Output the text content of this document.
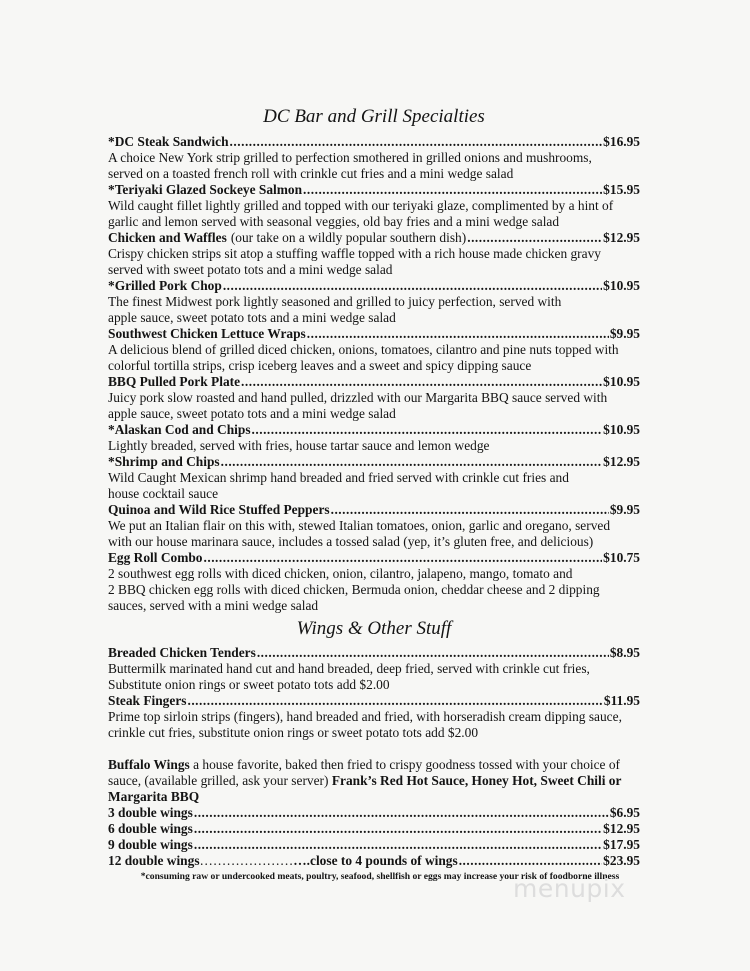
DC Bar and Grill Specialties
*DC Steak Sandwich .....	$16.95

A choice New York strip grilled to perfection smothered in grilled onions and mushrooms,

served on a toasted french roll with crinkle cut fries and a mini wedge salad

*Teriyaki Glazed Sockeye Salmon .....	$15.95

Wild caught fillet lightly grilled and topped with our teriyaki glaze, complimented by a hint of

garlic and lemon served with seasonal veggies, old bay fries and a mini wedge salad

Chicken and Waffles (our take on a wildly popular southern dish) .....	$12.95

Crispy chicken strips sit atop a stuffing waffle topped with a rich house made chicken gravy

served with sweet potato tots and a mini wedge salad

*Grilled Pork Chop .....	$10.95

The finest Midwest pork lightly seasoned and grilled to juicy perfection, served with

apple sauce, sweet potato tots and a mini wedge salad

Southwest Chicken Lettuce Wraps .....	$9.95

A delicious blend of grilled diced chicken, onions, tomatoes, cilantro and pine nuts topped with

colorful tortilla strips, crisp iceberg leaves and a sweet and spicy dipping sauce

BBQ Pulled Pork Plate .....	$10.95

Juicy pork slow roasted and hand pulled, drizzled with our Margarita BBQ sauce served with

apple sauce, sweet potato tots and a mini wedge salad

*Alaskan Cod and Chips .....	$10.95

Lightly breaded, served with fries, house tartar sauce and lemon wedge

*Shrimp and Chips .....	$12.95

Wild Caught Mexican shrimp hand breaded and fried served with crinkle cut fries and

house cocktail sauce

Quinoa and Wild Rice Stuffed Peppers .....	$9.95

We put an Italian flair on this with, stewed Italian tomatoes, onion, garlic and oregano, served

with our house marinara sauce, includes a tossed salad (yep, it’s gluten free, and delicious)

Egg Roll Combo .....	$10.75

2 southwest egg rolls with diced chicken, onion, cilantro, jalapeno, mango, tomato and

2 BBQ chicken egg rolls with diced chicken, Bermuda onion, cheddar cheese and 2 dipping

sauces, served with a mini wedge salad

Wings & Other Stuff
Breaded Chicken Tenders .....	$8.95

Buttermilk marinated hand cut and hand breaded, deep fried, served with crinkle cut fries,

Substitute onion rings or sweet potato tots add $2.00

Steak Fingers .....	$11.95

Prime top sirloin strips (fingers), hand breaded and fried, with horseradish cream dipping sauce,

crinkle cut fries, substitute onion rings or sweet potato tots add $2.00

Buffalo Wings a house favorite, baked then fried to crispy goodness tossed with your choice of
sauce, (available grilled, ask your server) Frank’s Red Hot Sauce, Honey Hot, Sweet Chili or
Margarita BBQ

3 double wings .....	$6.95
6 double wings .....	$12.95
9 double wings .....	$17.95
12 double wings ………………… ….close to 4 pounds of wings .....	$23.95
*consuming raw or undercooked meats, poultry, seafood, shellfish or eggs may increase your risk of foodborne illness
menupix
